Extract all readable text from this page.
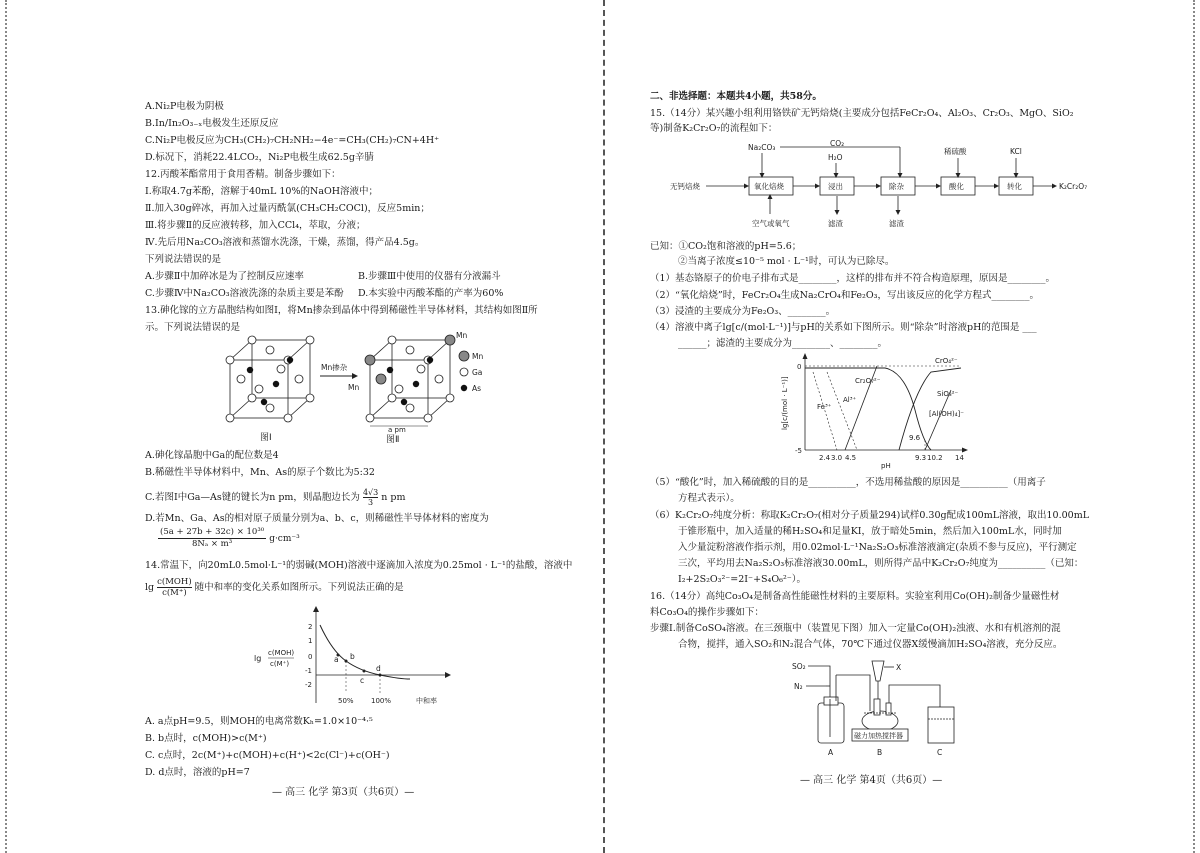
A.Ni₂P电极为阴极
B.In/In₂O₃₋ₓ电极发生还原反应
C.Ni₂P电极反应为CH₃(CH₂)₇CH₂NH₂−4e⁻=CH₃(CH₂)₇CN+4H⁺
D.标况下，消耗22.4LCO₂，Ni₂P电极生成62.5g辛腈
12.丙酸苯酯常用于食用香精。制备步骤如下：
Ⅰ.称取4.7g苯酚，溶解于40mL 10%的NaOH溶液中；
Ⅱ.加入30g碎冰，再加入过量丙酰氯(CH₃CH₂COCl)，反应5min；
Ⅲ.将步骤Ⅱ的反应液转移，加入CCl₄，萃取，分液；
Ⅳ.先后用Na₂CO₃溶液和蒸馏水洗涤，干燥，蒸馏，得产品4.5g。
下列说法错误的是
A.步骤Ⅱ中加碎冰是为了控制反应速率	B.步骤Ⅲ中使用的仪器有分液漏斗
C.步骤Ⅳ中Na₂CO₃溶液洗涤的杂质主要是苯酚 D.本实验中丙酸苯酯的产率为60%
13.砷化镓的立方晶胞结构如图Ⅰ，将Mn掺杂到晶体中得到稀磁性半导体材料，其结构如图Ⅱ所
示。下列说法错误的是
图Ⅰ
Mn掺杂
Mn
Mn
a pm
图Ⅱ
Mn
Ga
As
A.砷化镓晶胞中Ga的配位数是4
B.稀磁性半导体材料中，Mn、As的原子个数比为5:32
C.若图Ⅰ中Ga—As键的键长为n pm，则晶胞边长为 $\frac{4√3}{3}$ n pm
D.若Mn、Ga、As的相对原子质量分别为a、b、c，则稀磁性半导体材料的密度为
$\frac{\text{(5a + 27b + 32c) × 10³⁰}}{\text{8Nₐ × m³}} g\cdot cm^{-3}$
14.常温下，向20mL0.5mol·L⁻¹的弱碱(MOH)溶液中逐滴加入浓度为0.25mol · L⁻¹的盐酸，溶液中
lg c(MOH)
c(M⁺) 随中和率的变化关系如图所示。下列说法正确的是
lg
c(MOH)
c(M⁺)
2
1
0
-1
-2
a b
c
d
50% 100%	中和率
A. a点pH=9.5，则MOH的电离常数Kₕ=1.0×10⁻⁴·⁵
B. b点时，c(MOH)>c(M⁺)
C. c点时，2c(M⁺)+c(MOH)+c(H⁺)<2c(Cl⁻)+c(OH⁻)
D. d点时，溶液的pH=7
— 高三 化学 第3页（共6页）—
二、非选择题：本题共4小题，共58分。
15.（14分）某兴趣小组利用铬铁矿无钙焙烧(主要成分包括FeCr₂O₄、Al₂O₃、Cr₂O₃、MgO、SiO₂
等)制备K₂Cr₂O₇的流程如下：
无钙焙烧	氧化焙烧	浸出	除杂	酸化	转化	K₂Cr₂O₇
Na₂CO₃	CO₂
H₂O
稀硫酸	KCl
空气或氧气	滤渣	滤渣
已知：①CO₂饱和溶液的pH=5.6；
②当离子浓度≤10⁻⁵ mol · L⁻¹时，可认为已除尽。
（1）基态铬原子的价电子排布式是________，这样的排布并不符合构造原理，原因是________。
（2）“氧化焙烧”时，FeCr₂O₄生成Na₂CrO₄和Fe₂O₃，写出该反应的化学方程式________。
（3）浸渣的主要成分为Fe₂O₃、________。
（4）溶液中离子lg[c/(mol·L⁻¹)]与pH的关系如下图所示。则“除杂”时溶液pH的范围是 ___
______；滤渣的主要成分为________、________。
lg[c/(mol · L⁻¹)]
0
-5
CrO₄²⁻
Cr₂O₇²⁻
Al³⁺
Fe³⁺
SiO₃²⁻
[Al(OH)₄]⁻
9.6
2.4 3.0 4.5	9.3 10.2 14
pH
（5）“酸化”时，加入稀硫酸的目的是__________，不选用稀盐酸的原因是__________（用离子
方程式表示）。
（6）K₂Cr₂O₇纯度分析：称取K₂Cr₂O₇(相对分子质量294)试样0.30g配成100mL溶液，取出10.00mL
于锥形瓶中，加入适量的稀H₂SO₄和足量KI，放于暗处5min，然后加入100mL水，同时加
入少量淀粉溶液作指示剂，用0.02mol·L⁻¹Na₂S₂O₃标准溶液滴定(杂质不参与反应)，平行测定
三次，平均用去Na₂S₂O₃标准溶液30.00mL，则所得产品中K₂Cr₂O₇纯度为__________（已知：
I₂+2S₂O₃²⁻=2I⁻+S₄O₆²⁻）。
16.（14分）高纯Co₃O₄是制备高性能磁性材料的主要原料。实验室利用Co(OH)₂制备少量磁性材
料Co₃O₄的操作步骤如下：
步骤Ⅰ.制备CoSO₄溶液。在三颈瓶中（装置见下图）加入一定量Co(OH)₂浊液、水和有机溶剂的混
合物，搅拌，通入SO₂和N₂混合气体，70℃下通过仪器X缓慢滴加H₂SO₄溶液，充分反应。
SO₂
N₂
A
X
磁力加热搅拌器
B	C
— 高三 化学 第4页（共6页）—
